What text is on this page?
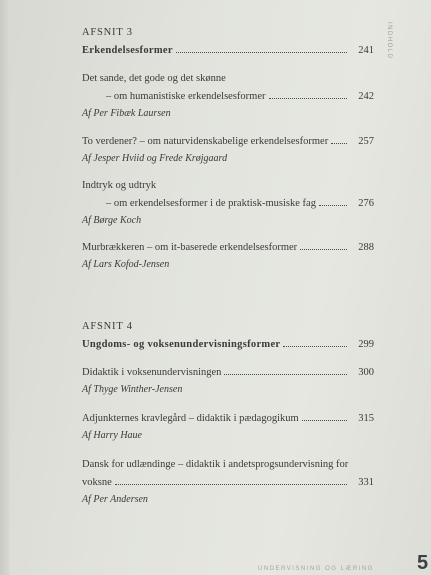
AFSNIT 3
Erkendelsesformer	241
Det sande, det gode og det skønne
– om humanistiske erkendelsesformer	242
Af Per Fibæk Laursen
To verdener? – om naturvidenskabelige erkendelsesformer	257
Af Jesper Hviid og Frede Krøjgaard
Indtryk og udtryk
– om erkendelsesformer i de praktisk-musiske fag	276
Af Børge Koch
Murbrækkeren – om it-baserede erkendelsesformer	288
Af Lars Kofod-Jensen
AFSNIT 4
Ungdoms- og voksenundervisningsformer	299
Didaktik i voksenundervisningen	300
Af Thyge Winther-Jensen
Adjunkternes kravlegård – didaktik i pædagogikum	315
Af Harry Haue
Dansk for udlændinge – didaktik i andetsprogsundervisning for
voksne	331
Af Per Andersen
INDHOLD
UNDERVISNING OG LÆRING 5
